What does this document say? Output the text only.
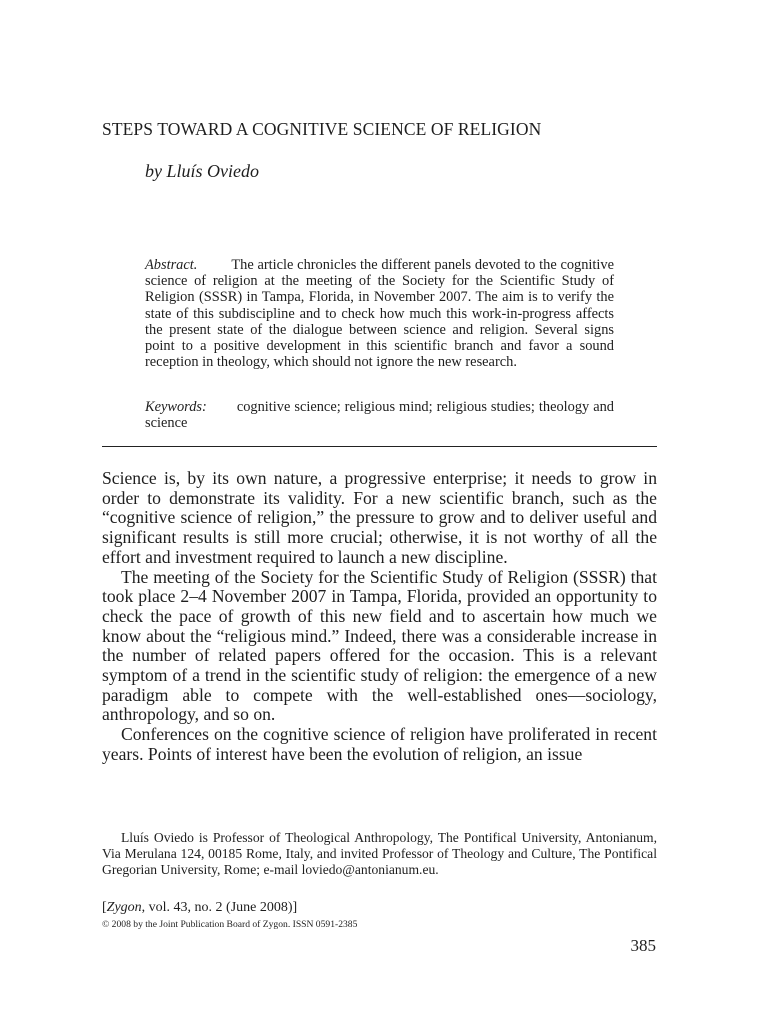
STEPS TOWARD A COGNITIVE SCIENCE OF RELIGION
by Lluís Oviedo
Abstract. The article chronicles the different panels devoted to the cognitive science of religion at the meeting of the Society for the Scientific Study of Religion (SSSR) in Tampa, Florida, in November 2007. The aim is to verify the state of this subdiscipline and to check how much this work-in-progress affects the present state of the dialogue between science and religion. Several signs point to a positive development in this scientific branch and favor a sound reception in theology, which should not ignore the new research.
Keywords: cognitive science; religious mind; religious studies; theology and science

Science is, by its own nature, a progressive enterprise; it needs to grow in order to demonstrate its validity. For a new scientific branch, such as the “cognitive science of religion,” the pressure to grow and to deliver useful and significant results is still more crucial; otherwise, it is not worthy of all the effort and investment required to launch a new discipline.

The meeting of the Society for the Scientific Study of Religion (SSSR) that took place 2–4 November 2007 in Tampa, Florida, provided an opportunity to check the pace of growth of this new field and to ascertain how much we know about the “religious mind.” Indeed, there was a considerable increase in the number of related papers offered for the occasion. This is a relevant symptom of a trend in the scientific study of religion: the emergence of a new paradigm able to compete with the well-established ones—sociology, anthropology, and so on.

Conferences on the cognitive science of religion have proliferated in recent years. Points of interest have been the evolution of religion, an issue

Lluís Oviedo is Professor of Theological Anthropology, The Pontifical University, Antonianum, Via Merulana 124, 00185 Rome, Italy, and invited Professor of Theology and Culture, The Pontifical Gregorian University, Rome; e-mail loviedo@antonianum.eu.
[Zygon, vol. 43, no. 2 (June 2008)]
© 2008 by the Joint Publication Board of Zygon. ISSN 0591-2385
385
